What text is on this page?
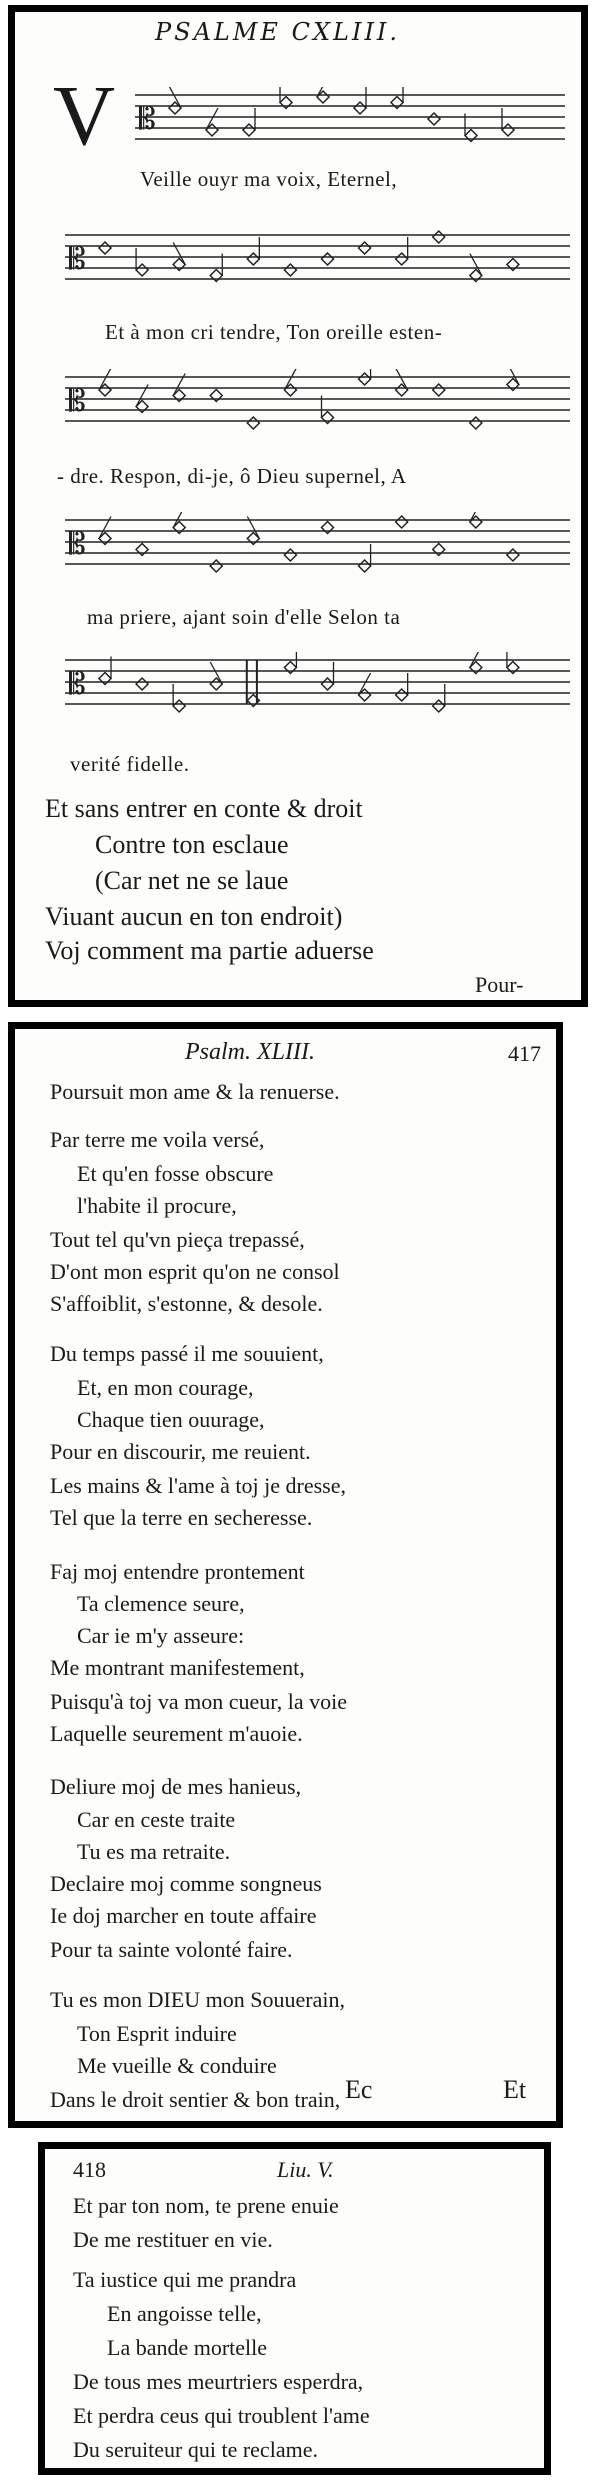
PSALME CXLIII.
V 𝄡
Veille ouyr ma voix, Eternel,
𝄡
Et à mon cri tendre, Ton oreille esten-
𝄡
- dre. Respon, di-je, ô Dieu supernel, A
𝄡
ma priere, ajant soin d'elle Selon ta
𝄡
verité fidelle.
Et sans entrer en conte & droit
Contre ton esclaue
(Car net ne se laue
Viuant aucun en ton endroit)
Voj comment ma partie aduerse
Pour-
Psalm. XLIII.	417
Poursuit mon ame & la renuerse.
Par terre me voila versé,
Et qu'en fosse obscure
l'habite il procure,
Tout tel qu'vn pieça trepassé,
D'ont mon esprit qu'on ne consol
S'affoiblit, s'estonne, & desole.
Du temps passé il me souuient,
Et, en mon courage,
Chaque tien ouurage,
Pour en discourir, me reuient.
Les mains & l'ame à toj je dresse,
Tel que la terre en secheresse.
Faj moj entendre prontement
Ta clemence seure,
Car ie m'y asseure:
Me montrant manifestement,
Puisqu'à toj va mon cueur, la voie
Laquelle seurement m'auoie.
Deliure moj de mes hanieus,
Car en ceste traite
Tu es ma retraite.
Declaire moj comme songneus
Ie doj marcher en toute affaire
Pour ta sainte volonté faire.
Tu es mon DIEU mon Souuerain,
Ton Esprit induire
Me vueille & conduire
Dans le droit sentier & bon train, Ec	Et
418	Liu. V.
Et par ton nom, te prene enuie
De me restituer en vie.
Ta iustice qui me prandra
En angoisse telle,
La bande mortelle
De tous mes meurtriers esperdra,
Et perdra ceus qui troublent l'ame
Du seruiteur qui te reclame.
